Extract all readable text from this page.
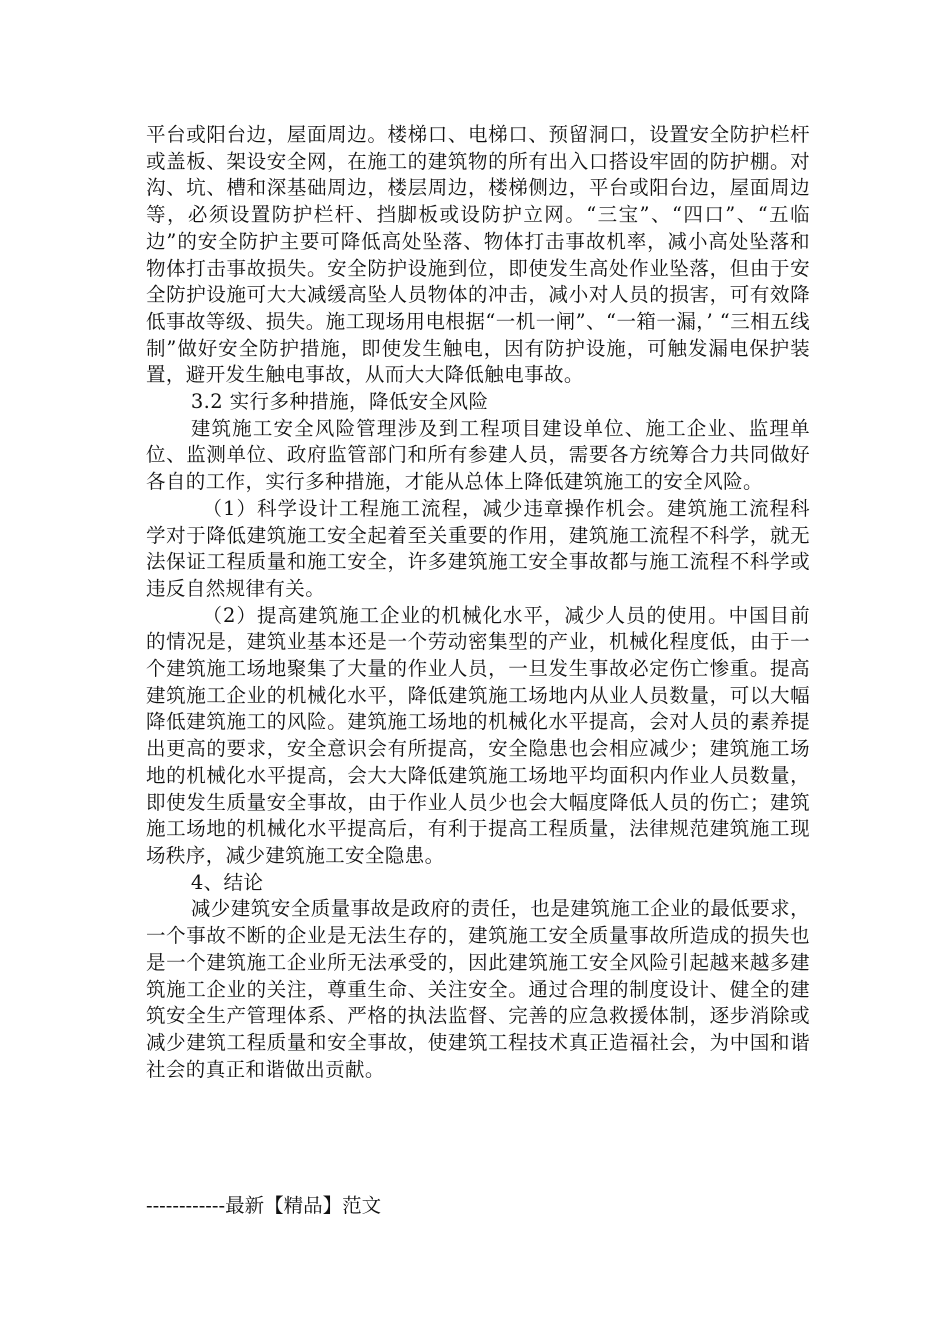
平台或阳台边，屋面周边。楼梯口、电梯口、预留洞口，设置安全防护栏杆或盖板、架设安全网，在施工的建筑物的所有出入口搭设牢固的防护棚。对沟、坑、槽和深基础周边，楼层周边，楼梯侧边，平台或阳台边，屋面周边等，必须设置防护栏杆、挡脚板或设防护立网。“三宝”、“四口”、“五临边”的安全防护主要可降低高处坠落、物体打击事故机率，减小高处坠落和物体打击事故损失。安全防护设施到位，即使发生高处作业坠落，但由于安全防护设施可大大减缓高坠人员物体的冲击，减小对人员的损害，可有效降低事故等级、损失。施工现场用电根据“一机一闸”、“一箱一漏，’ “三相五线制”做好安全防护措施，即使发生触电，因有防护设施，可触发漏电保护装置，避开发生触电事故，从而大大降低触电事故。

3.2 实行多种措施，降低安全风险

建筑施工安全风险管理涉及到工程项目建设单位、施工企业、监理单位、监测单位、政府监管部门和所有参建人员，需要各方统筹合力共同做好各自的工作，实行多种措施，才能从总体上降低建筑施工的安全风险。

（1）科学设计工程施工流程，减少违章操作机会。建筑施工流程科学对于降低建筑施工安全起着至关重要的作用，建筑施工流程不科学，就无法保证工程质量和施工安全，许多建筑施工安全事故都与施工流程不科学或违反自然规律有关。

（2）提高建筑施工企业的机械化水平，减少人员的使用。中国目前的情况是，建筑业基本还是一个劳动密集型的产业，机械化程度低，由于一个建筑施工场地聚集了大量的作业人员，一旦发生事故必定伤亡惨重。提高建筑施工企业的机械化水平，降低建筑施工场地内从业人员数量，可以大幅降低建筑施工的风险。建筑施工场地的机械化水平提高，会对人员的素养提出更高的要求，安全意识会有所提高，安全隐患也会相应减少；建筑施工场地的机械化水平提高，会大大降低建筑施工场地平均面积内作业人员数量，即使发生质量安全事故，由于作业人员少也会大幅度降低人员的伤亡；建筑施工场地的机械化水平提高后，有利于提高工程质量，法律规范建筑施工现场秩序，减少建筑施工安全隐患。

4、结论

减少建筑安全质量事故是政府的责任，也是建筑施工企业的最低要求，一个事故不断的企业是无法生存的，建筑施工安全质量事故所造成的损失也是一个建筑施工企业所无法承受的，因此建筑施工安全风险引起越来越多建筑施工企业的关注，尊重生命、关注安全。通过合理的制度设计、健全的建筑安全生产管理体系、严格的执法监督、完善的应急救援体制，逐步消除或减少建筑工程质量和安全事故，使建筑工程技术真正造福社会，为中国和谐社会的真正和谐做出贡献。

------------最新【精品】范文
